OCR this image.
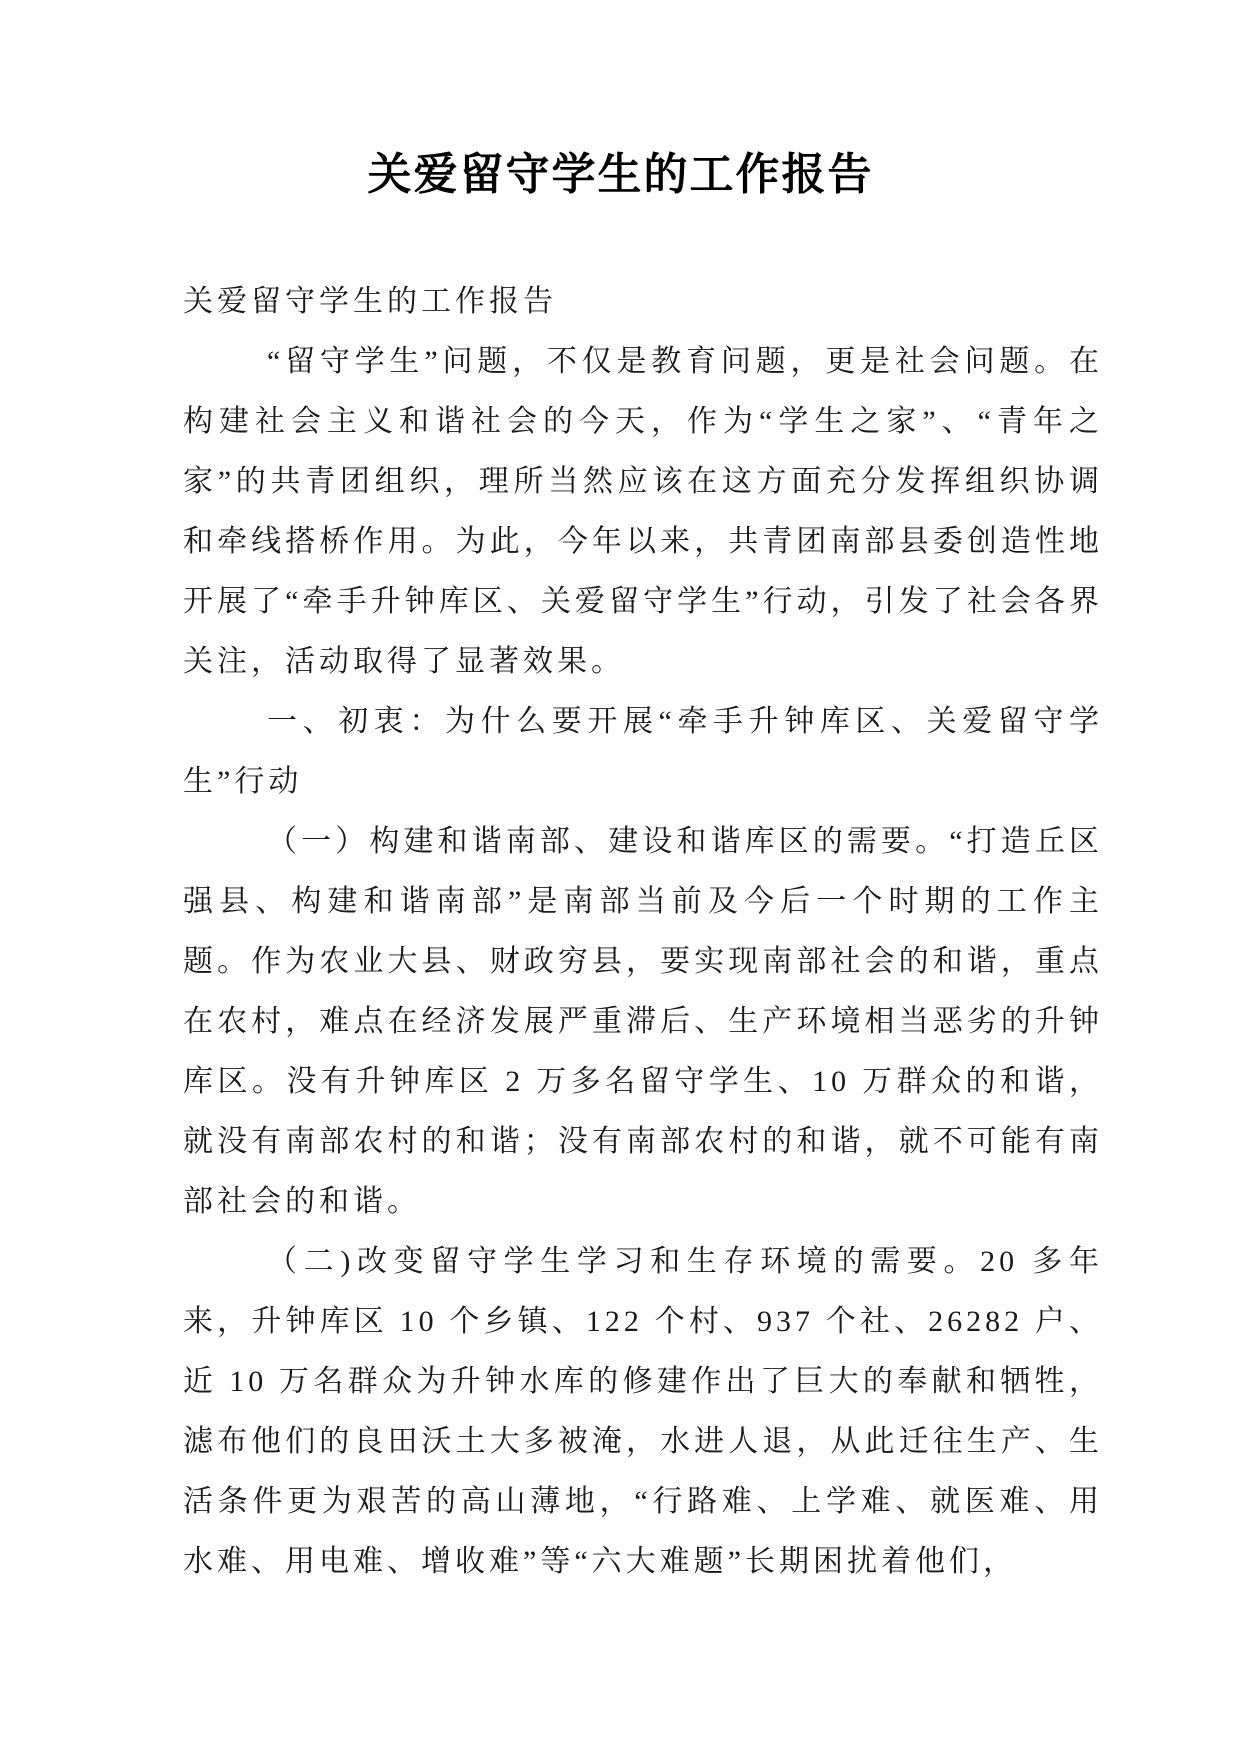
关爱留守学生的工作报告

关爱留守学生的工作报告

“留守学生”问题，不仅是教育问题，更是社会问题。在构建社会主义和谐社会的今天，作为“学生之家”、“青年之家”的共青团组织，理所当然应该在这方面充分发挥组织协调和牵线搭桥作用。为此，今年以来，共青团南部县委创造性地开展了“牵手升钟库区、关爱留守学生”行动，引发了社会各界关注，活动取得了显著效果。

一、初衷：为什么要开展“牵手升钟库区、关爱留守学生”行动

（一）构建和谐南部、建设和谐库区的需要。“打造丘区强县、构建和谐南部”是南部当前及今后一个时期的工作主题。作为农业大县、财政穷县，要实现南部社会的和谐，重点在农村，难点在经济发展严重滞后、生产环境相当恶劣的升钟库区。没有升钟库区 2 万多名留守学生、10 万群众的和谐，就没有南部农村的和谐；没有南部农村的和谐，就不可能有南部社会的和谐。

（二)改变留守学生学习和生存环境的需要。20 多年来，升钟库区 10 个乡镇、122 个村、937 个社、26282 户、近 10 万名群众为升钟水库的修建作出了巨大的奉献和牺牲，滤布他们的良田沃土大多被淹，水进人退，从此迁往生产、生活条件更为艰苦的高山薄地，“行路难、上学难、就医难、用水难、用电难、增收难”等“六大难题”长期困扰着他们，
